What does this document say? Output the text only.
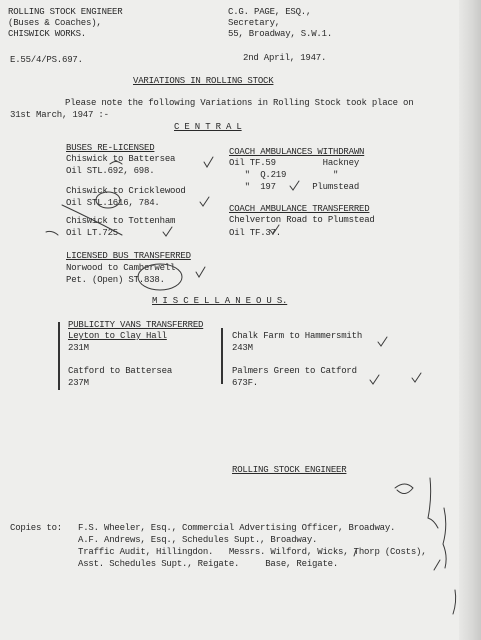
ROLLING STOCK ENGINEER
(Buses & Coaches),
CHISWICK WORKS.
C.G. PAGE, ESQ.,
Secretary,
55, Broadway, S.W.1.
E.55/4/PS.697.	2nd April, 1947.
VARIATIONS IN ROLLING STOCK
Please note the following Variations in Rolling Stock took place on
31st March, 1947 :-
C E N T R A L
BUSES RE-LICENSED
Chiswick to Battersea
Oil STL.692, 698.
Chiswick to Cricklewood
Oil STL.1616, 784.
Chiswick to Tottenham
Oil LT.725
LICENSED BUS TRANSFERRED
Norwood to Camberwell
Pet. (Open) ST.838.
COACH AMBULANCES WITHDRAWN
Oil TF.59         Hackney
"  Q.219         "
"  197       Plumstead
COACH AMBULANCE TRANSFERRED
Chelverton Road to Plumstead
Oil TF.37.
M I S C E L L A N E O U S.
PUBLICITY VANS TRANSFERRED
Leyton to Clay Hall
231M
Catford to Battersea
237M
Chalk Farm to Hammersmith
243M
Palmers Green to Catford
673F.
ROLLING STOCK ENGINEER
Copies to: F.S. Wheeler, Esq., Commercial Advertising Officer, Broadway.
A.F. Andrews, Esq., Schedules Supt., Broadway.
Traffic Audit, Hillingdon.   Messrs. Wilford, Wicks, Thorp (Costs),
Asst. Schedules Supt., Reigate.     Base, Reigate.
